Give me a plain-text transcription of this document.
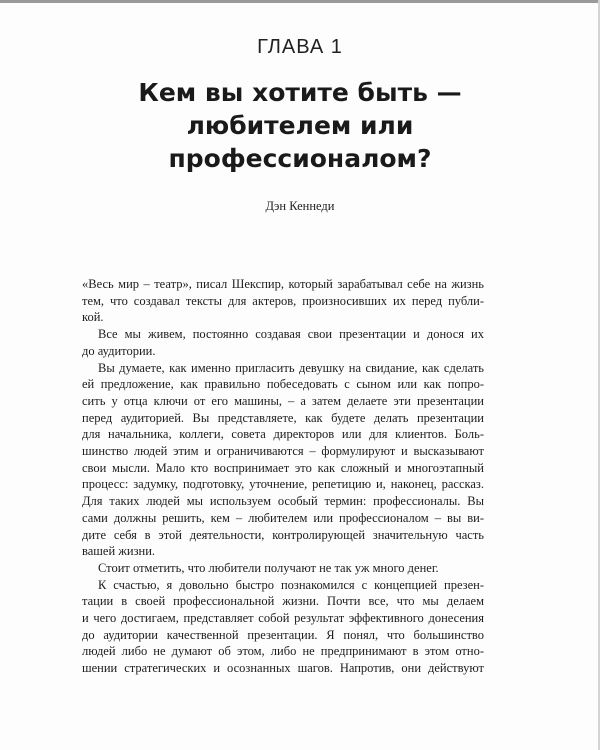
ГЛАВА 1
Кем вы хотите быть —
любителем или
профессионалом?
Дэн Кеннеди
«Весь мир – театр», писал Шекспир, который зарабатывал себе на жизнь
тем, что создавал тексты для актеров, произносивших их перед публи-
кой.
Все мы живем, постоянно создавая свои презентации и донося их
до аудитории.
Вы думаете, как именно пригласить девушку на свидание, как сделать
ей предложение, как правильно побеседовать с сыном или как попро-
сить у отца ключи от его машины, – а затем делаете эти презентации
перед аудиторией. Вы представляете, как будете делать презентации
для начальника, коллеги, совета директоров или для клиентов. Боль-
шинство людей этим и ограничиваются – формулируют и высказывают
свои мысли. Мало кто воспринимает это как сложный и многоэтапный
процесс: задумку, подготовку, уточнение, репетицию и, наконец, рассказ.
Для таких людей мы используем особый термин: профессионалы. Вы
сами должны решить, кем – любителем или профессионалом – вы ви-
дите себя в этой деятельности, контролирующей значительную часть
вашей жизни.
Стоит отметить, что любители получают не так уж много денег.
К счастью, я довольно быстро познакомился с концепцией презен-
тации в своей профессиональной жизни. Почти все, что мы делаем
и чего достигаем, представляет собой результат эффективного донесения
до аудитории качественной презентации. Я понял, что большинство
людей либо не думают об этом, либо не предпринимают в этом отно-
шении стратегических и осознанных шагов. Напротив, они действуют
